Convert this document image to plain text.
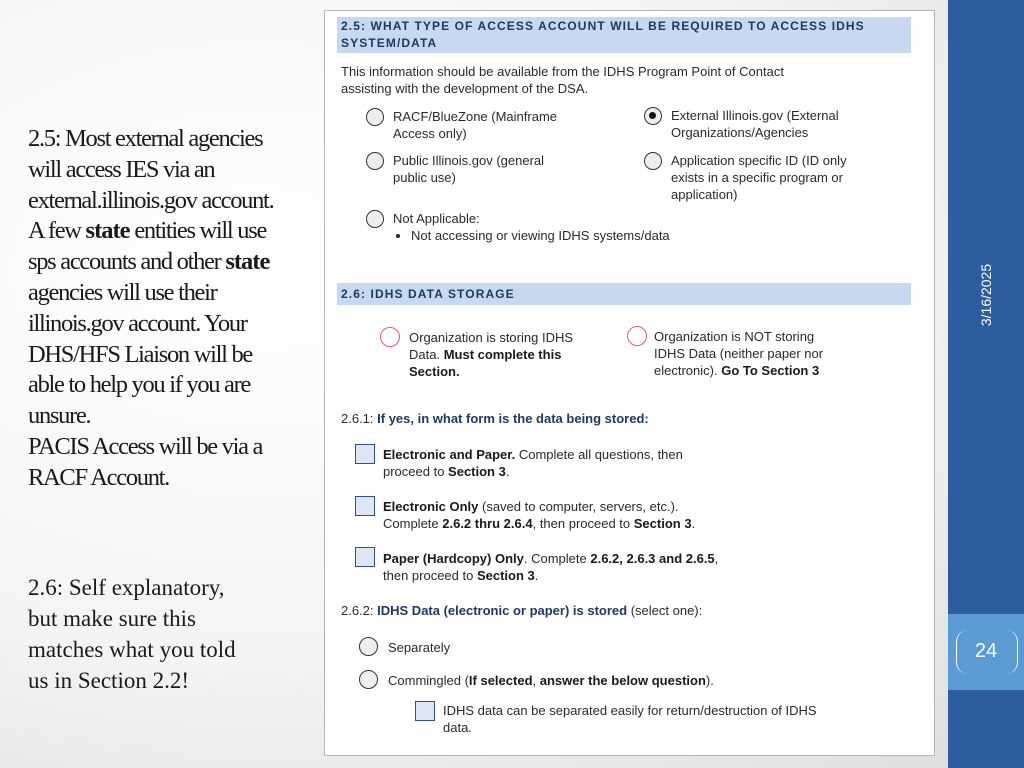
2.5: Most external agencies
will access IES via an
external.illinois.gov account.
A few state entities will use
sps accounts and other state
agencies will use their
illinois.gov account. Your
DHS/HFS Liaison will be
able to help you if you are
unsure.
PACIS Access will be via a
RACF Account.
2.6: Self explanatory,
but make sure this
matches what you told
us in Section 2.2!
3/16/2025
24
2.5: WHAT TYPE OF ACCESS ACCOUNT WILL BE REQUIRED TO ACCESS IDHS
SYSTEM/DATA
This information should be available from the IDHS Program Point of Contact
assisting with the development of the DSA.
RACF/BlueZone (Mainframe
Access only)
External Illinois.gov (External
Organizations/Agencies
Public Illinois.gov (general
public use)
Application specific ID (ID only
exists in a specific program or
application)
Not Applicable:
• Not accessing or viewing IDHS systems/data
2.6: IDHS DATA STORAGE
Organization is storing IDHS
Data. Must complete this
Section.
Organization is NOT storing
IDHS Data (neither paper nor
electronic). Go To Section 3
2.6.1: If yes, in what form is the data being stored:
Electronic and Paper. Complete all questions, then
proceed to Section 3.
Electronic Only (saved to computer, servers, etc.).
Complete 2.6.2 thru 2.6.4, then proceed to Section 3.
Paper (Hardcopy) Only. Complete 2.6.2, 2.6.3 and 2.6.5,
then proceed to Section 3.
2.6.2: IDHS Data (electronic or paper) is stored (select one):
Separately
Commingled (If selected, answer the below question).
IDHS data can be separated easily for return/destruction of IDHS
data.
